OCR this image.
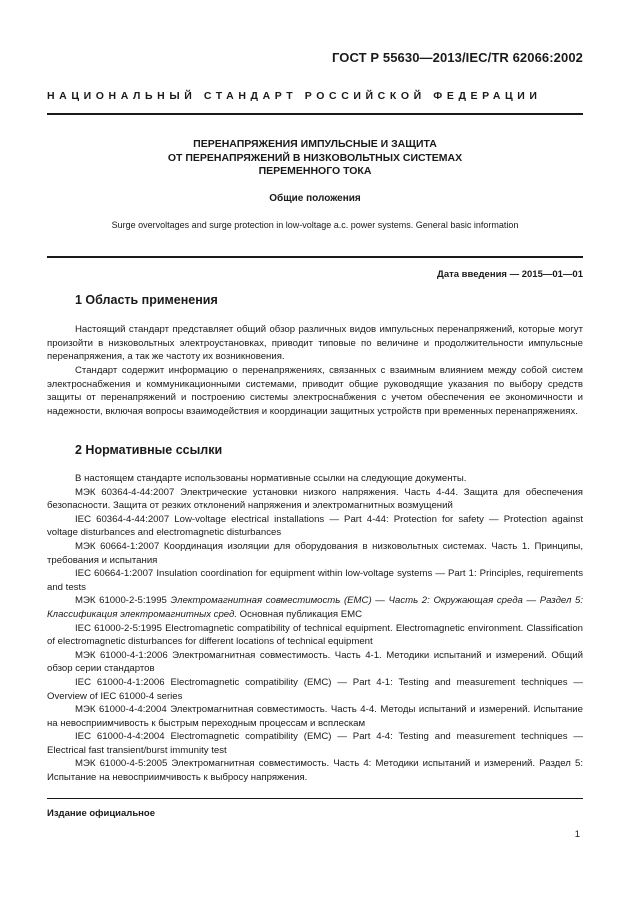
ГОСТ Р 55630—2013/IEC/TR 62066:2002
НАЦИОНАЛЬНЫЙ СТАНДАРТ РОССИЙСКОЙ ФЕДЕРАЦИИ
ПЕРЕНАПРЯЖЕНИЯ ИМПУЛЬСНЫЕ И ЗАЩИТА
ОТ ПЕРЕНАПРЯЖЕНИЙ В НИЗКОВОЛЬТНЫХ СИСТЕМАХ
ПЕРЕМЕННОГО ТОКА
Общие положения
Surge overvoltages and surge protection in low-voltage a.c. power systems. General basic information
Дата введения — 2015—01—01
1 Область применения

Настоящий стандарт представляет общий обзор различных видов импульсных перенапряжений, которые могут произойти в низковольтных электроустановках, приводит типовые по величине и продолжительности импульсные перенапряжения, а так же частоту их возникновения.

Стандарт содержит информацию о перенапряжениях, связанных с взаимным влиянием между собой систем электроснабжения и коммуникационными системами, приводит общие руководящие указания по выбору средств защиты от перенапряжений и построению системы электроснабжения с учетом обеспечения ее экономичности и надежности, включая вопросы взаимодействия и координации защитных устройств при временных перенапряжениях.

2 Нормативные ссылки

В настоящем стандарте использованы нормативные ссылки на следующие документы.

МЭК 60364-4-44:2007 Электрические установки низкого напряжения. Часть 4-44. Защита для обеспечения безопасности. Защита от резких отклонений напряжения и электромагнитных возмущений

IEC 60364-4-44:2007 Low-voltage electrical installations — Part 4-44: Protection for safety — Protection against voltage disturbances and electromagnetic disturbances

МЭК 60664-1:2007 Координация изоляции для оборудования в низковольтных системах. Часть 1. Принципы, требования и испытания

IEC 60664-1:2007 Insulation coordination for equipment within low-voltage systems — Part 1: Principles, requirements and tests

МЭК 61000-2-5:1995 Электромагнитная совместимость (ЕМС) — Часть 2: Окружающая среда — Раздел 5: Классификация электромагнитных сред. Основная публикация ЕМС

IEC 61000-2-5:1995 Electromagnetic compatibility of technical equipment. Electromagnetic environment. Classification of electromagnetic disturbances for different locations of technical equipment

МЭК 61000-4-1:2006 Электромагнитная совместимость. Часть 4-1. Методики испытаний и измерений. Общий обзор серии стандартов

IEC 61000-4-1:2006 Electromagnetic compatibility (EMC) — Part 4-1: Testing and measurement techniques — Overview of IEC 61000-4 series

МЭК 61000-4-4:2004 Электромагнитная совместимость. Часть 4-4. Методы испытаний и измерений. Испытание на невосприимчивость к быстрым переходным процессам и всплескам

IEC 61000-4-4:2004 Electromagnetic compatibility (EMC) — Part 4-4: Testing and measurement techniques — Electrical fast transient/burst immunity test

МЭК 61000-4-5:2005 Электромагнитная совместимость. Часть 4: Методики испытаний и измерений. Раздел 5: Испытание на невосприимчивость к выбросу напряжения.

Издание официальное
1
